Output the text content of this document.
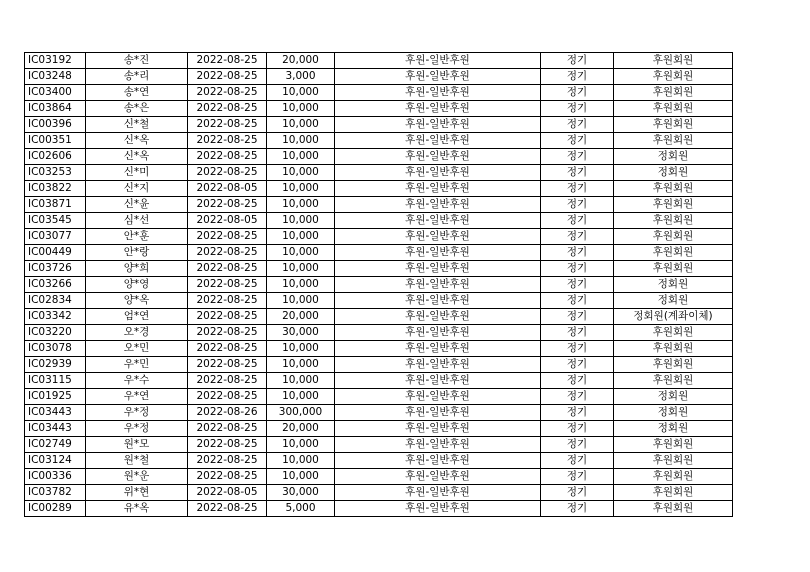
IC03192	송*진	2022-08-25	20,000	후원-일반후원	정기	후원회원
IC03248	송*리	2022-08-25	3,000	후원-일반후원	정기	후원회원
IC03400	송*연	2022-08-25	10,000	후원-일반후원	정기	후원회원
IC03864	송*은	2022-08-25	10,000	후원-일반후원	정기	후원회원
IC00396	신*철	2022-08-25	10,000	후원-일반후원	정기	후원회원
IC00351	신*옥	2022-08-25	10,000	후원-일반후원	정기	후원회원
IC02606	신*옥	2022-08-25	10,000	후원-일반후원	정기	정회원
IC03253	신*미	2022-08-25	10,000	후원-일반후원	정기	정회원
IC03822	신*지	2022-08-05	10,000	후원-일반후원	정기	후원회원
IC03871	신*윤	2022-08-25	10,000	후원-일반후원	정기	후원회원
IC03545	심*선	2022-08-05	10,000	후원-일반후원	정기	후원회원
IC03077	안*훈	2022-08-25	10,000	후원-일반후원	정기	후원회원
IC00449	안*랑	2022-08-25	10,000	후원-일반후원	정기	후원회원
IC03726	양*희	2022-08-25	10,000	후원-일반후원	정기	후원회원
IC03266	양*영	2022-08-25	10,000	후원-일반후원	정기	정회원
IC02834	양*옥	2022-08-25	10,000	후원-일반후원	정기	정회원
IC03342	엄*연	2022-08-25	20,000	후원-일반후원	정기	정회원(계좌이체)
IC03220	오*경	2022-08-25	30,000	후원-일반후원	정기	후원회원
IC03078	오*민	2022-08-25	10,000	후원-일반후원	정기	후원회원
IC02939	우*민	2022-08-25	10,000	후원-일반후원	정기	후원회원
IC03115	우*수	2022-08-25	10,000	후원-일반후원	정기	후원회원
IC01925	우*연	2022-08-25	10,000	후원-일반후원	정기	정회원
IC03443	우*정	2022-08-26	300,000	후원-일반후원	정기	정회원
IC03443	우*정	2022-08-25	20,000	후원-일반후원	정기	정회원
IC02749	원*모	2022-08-25	10,000	후원-일반후원	정기	후원회원
IC03124	원*철	2022-08-25	10,000	후원-일반후원	정기	후원회원
IC00336	원*운	2022-08-25	10,000	후원-일반후원	정기	후원회원
IC03782	위*현	2022-08-05	30,000	후원-일반후원	정기	후원회원
IC00289	유*옥	2022-08-25	5,000	후원-일반후원	정기	후원회원
